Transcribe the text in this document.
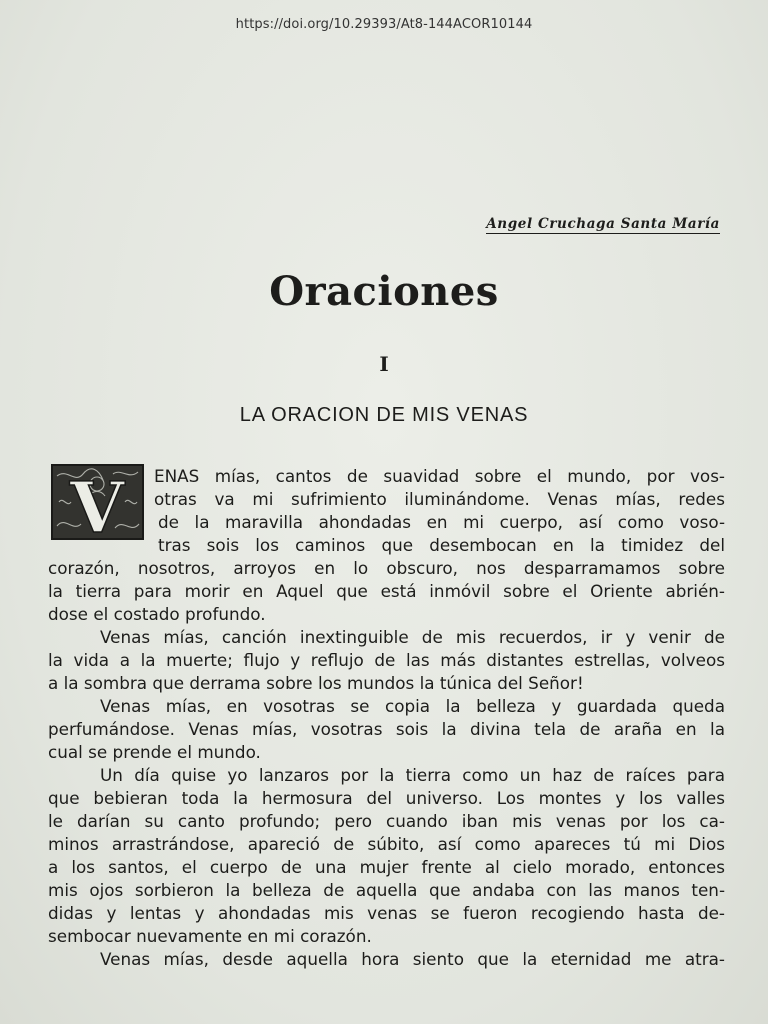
https://doi.org/10.29393/At8-144ACOR10144
Angel Cruchaga Santa María
Oraciones
I
LA ORACION DE MIS VENAS
V	ENAS mías, cantos de suavidad sobre el mundo, por vos-
otras va mi sufrimiento iluminándome. Venas mías, redes
de la maravilla ahondadas en mi cuerpo, así como voso-
tras sois los caminos que desembocan en la timidez del
corazón, nosotros, arroyos en lo obscuro, nos desparramamos sobre
la tierra para morir en Aquel que está inmóvil sobre el Oriente abrién-
dose el costado profundo.
Venas mías, canción inextinguible de mis recuerdos, ir y venir de
la vida a la muerte; flujo y reflujo de las más distantes estrellas, volveos
a la sombra que derrama sobre los mundos la túnica del Señor!
Venas mías, en vosotras se copia la belleza y guardada queda
perfumándose. Venas mías, vosotras sois la divina tela de araña en la
cual se prende el mundo.
Un día quise yo lanzaros por la tierra como un haz de raíces para
que bebieran toda la hermosura del universo. Los montes y los valles
le darían su canto profundo; pero cuando iban mis venas por los ca-
minos arrastrándose, apareció de súbito, así como apareces tú mi Dios
a los santos, el cuerpo de una mujer frente al cielo morado, entonces
mis ojos sorbieron la belleza de aquella que andaba con las manos ten-
didas y lentas y ahondadas mis venas se fueron recogiendo hasta de-
sembocar nuevamente en mi corazón.
Venas mías, desde aquella hora siento que la eternidad me atra-
